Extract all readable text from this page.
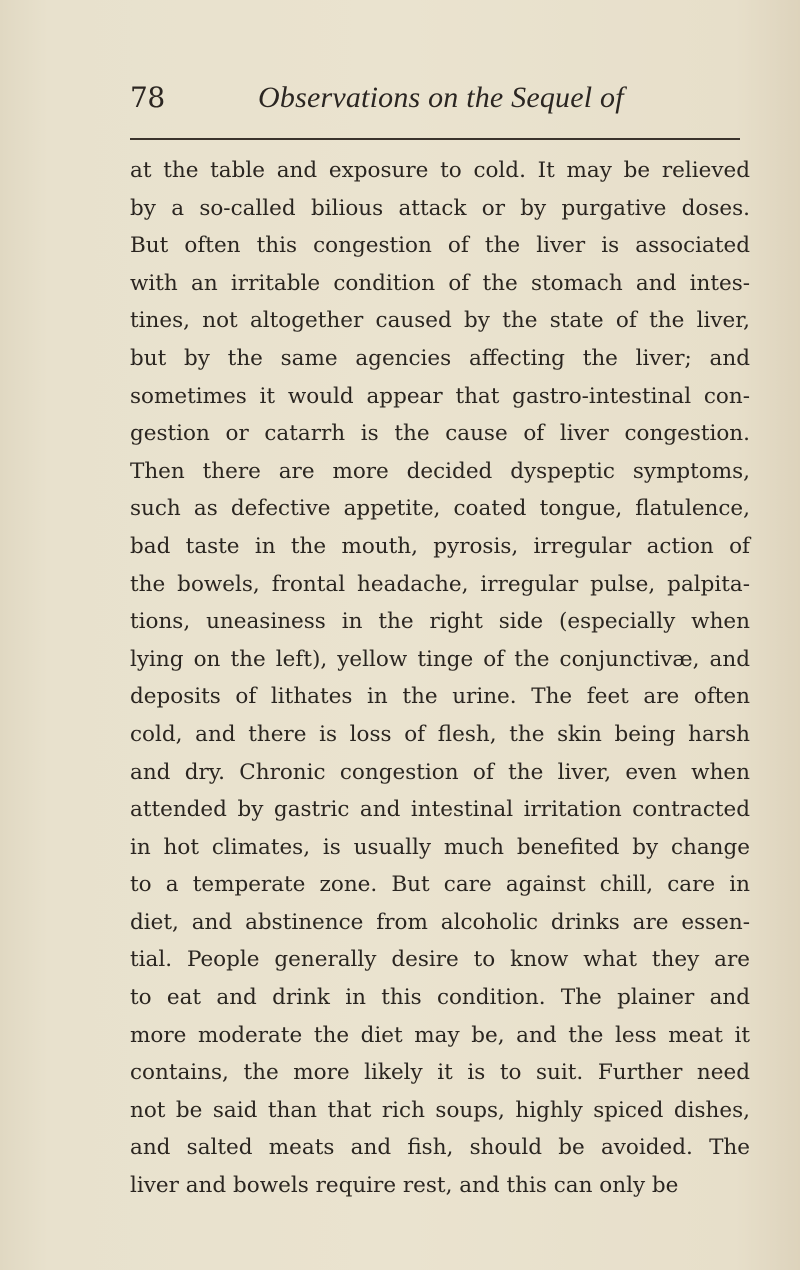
78	Observations on the Sequel of
at the table and exposure to cold. It may be relieved
by a so-called bilious attack or by purgative doses.
But often this congestion of the liver is associated
with an irritable condition of the stomach and intes-
tines, not altogether caused by the state of the liver,
but by the same agencies affecting the liver; and
sometimes it would appear that gastro-intestinal con-
gestion or catarrh is the cause of liver congestion.
Then there are more decided dyspeptic symptoms,
such as defective appetite, coated tongue, flatulence,
bad taste in the mouth, pyrosis, irregular action of
the bowels, frontal headache, irregular pulse, palpita-
tions, uneasiness in the right side (especially when
lying on the left), yellow tinge of the conjunctivæ, and
deposits of lithates in the urine. The feet are often
cold, and there is loss of flesh, the skin being harsh
and dry. Chronic congestion of the liver, even when
attended by gastric and intestinal irritation contracted
in hot climates, is usually much benefited by change
to a temperate zone. But care against chill, care in
diet, and abstinence from alcoholic drinks are essen-
tial. People generally desire to know what they are
to eat and drink in this condition. The plainer and
more moderate the diet may be, and the less meat it
contains, the more likely it is to suit. Further need
not be said than that rich soups, highly spiced dishes,
and salted meats and fish, should be avoided. The
liver and bowels require rest, and this can only be
